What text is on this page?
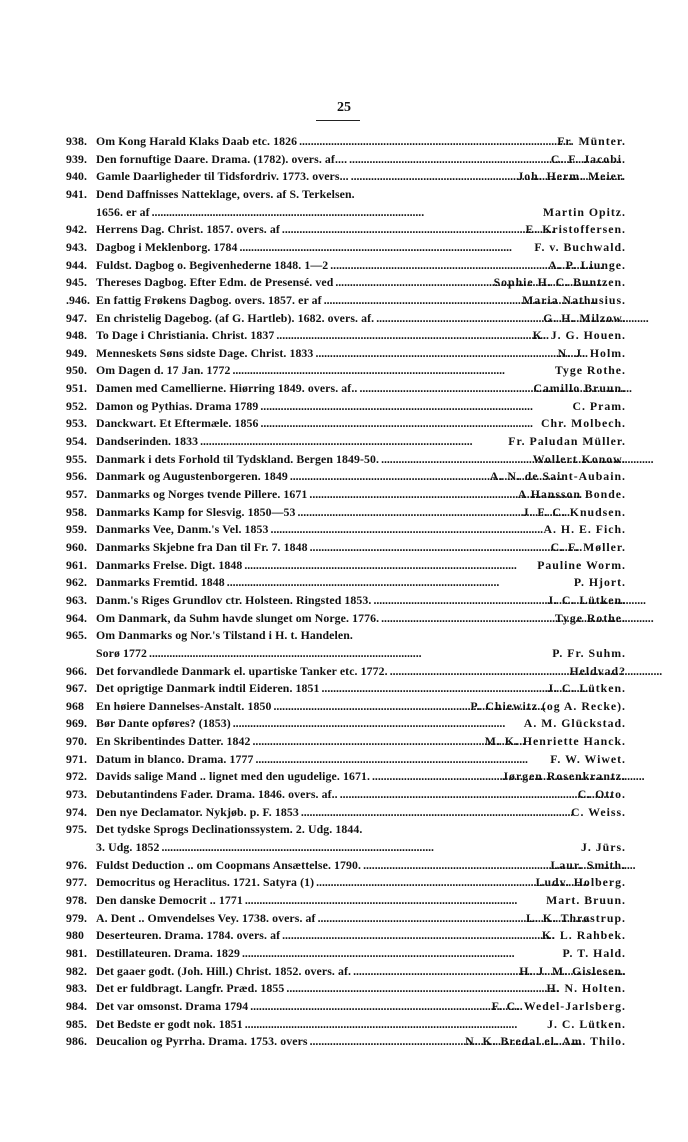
25
938. Om Kong Harald Klaks Daab etc. 1826 . . .	Fr. Münter.
939. Den fornuftige Daare. Drama. (1782). overs. af.... . . .	C. F. Jacobi.
940. Gamle Daarligheder til Tidsfordriv. 1773. overs... . . .	Joh. Herm. Meier.
941. Dend Daffnisses Natteklage, overs. af S. Terkelsen.
1656. er af . . .	Martin Opitz.
942. Herrens Dag. Christ. 1857. overs. af . . .	E. Kristoffersen.
943. Dagbog i Meklenborg. 1784 . . .	F. v. Buchwald.
944. Fuldst. Dagbog o. Begivenhederne 1848. 1—2 . . .	A. P. Liunge.
945. Thereses Dagbog. Efter Edm. de Presensé. ved . . .	Sophie H. C. Buntzen.
.946. En fattig Frøkens Dagbog. overs. 1857. er af . . .	Maria Nathusius.
947. En christelig Dagebog. (af G. Hartleb). 1682. overs. af. . . .	G. H. Milzow.
948. To Dage i Christiania. Christ. 1837 . . .	K. J. G. Houen.
949. Menneskets Søns sidste Dage. Christ. 1833 . . .	N. J. Holm.
950. Om Dagen d. 17 Jan. 1772 . . .	Tyge Rothe.
951. Damen med Camellierne. Hiørring 1849. overs. af.. . . .	Camillo Bruun.
952. Damon og Pythias. Drama 1789 . . .	C. Pram.
953. Danckwart. Et Eftermæle. 1856 . . .	Chr. Molbech.
954. Dandserinden. 1833 . . .	Fr. Paludan Müller.
955. Danmark i dets Forhold til Tydskland. Bergen 1849-50. . . .	Wollert Konow.
956. Danmark og Augustenborgeren. 1849 . . .	A. N. de Saint-Aubain.
957. Danmarks og Norges tvende Pillere. 1671 . . .	A Hansson Bonde.
958. Danmarks Kamp for Slesvig. 1850—53 . . .	J. F. C. Knudsen.
959. Danmarks Vee, Danm.'s Vel. 1853 . . .	A. H. E. Fich.
960. Danmarks Skjebne fra Dan til Fr. 7. 1848 . . .	C. F. Møller.
961. Danmarks Frelse. Digt. 1848 . . .	Pauline Worm.
962. Danmarks Fremtid. 1848 . . .	P. Hjort.
963. Danm.'s Riges Grundlov ctr. Holsteen. Ringsted 1853. . . .	J. C. Lütken.
964. Om Danmark, da Suhm havde slunget om Norge. 1776. . . .	Tyge Rothe.
965. Om Danmarks og Nor.'s Tilstand i H. t. Handelen.
Sorø 1772 . . .	P. Fr. Suhm.
966. Det forvandlede Danmark el. upartiske Tanker etc. 1772. . . .	Heldvad?
967. Det oprigtige Danmark indtil Eideren. 1851 . . .	J. C. Lütken.
968	En høiere Dannelses-Anstalt. 1850 . . .	P. Chiewitz (og A. Recke).
969. Bør Dante opføres? (1853) . . .	A. M. Glückstad.
970. En Skribentindes Datter. 1842 . . .	M. K. Henriette Hanck.
971. Datum in blanco. Drama. 1777 . . .	F. W. Wiwet.
972. Davids salige Mand .. lignet med den ugudelige. 1671. . . .	Jørgen Rosenkrantz.
973. Debutantindens Fader. Drama. 1846. overs. af.. . . .	C. Otto.
974. Den nye Declamator. Nykjøb. p. F. 1853 . . .	C. Weiss.
975. Det tydske Sprogs Declinationssystem. 2. Udg. 1844.
3. Udg. 1852 . . .	J. Jürs.
976. Fuldst Deduction .. om Coopmans Ansættelse. 1790. . . .	Laur. Smith.
977. Democritus og Heraclitus. 1721. Satyra (1) . . .	Ludv. Holberg.
978. Den danske Democrit .. 1771 . . .	Mart. Bruun.
979. A. Dent .. Omvendelses Vey. 1738. overs. af . . .	L. K. Thrøstrup.
980	Deserteuren. Drama. 1784. overs. af . . .	K. L. Rahbek.
981. Destillateuren. Drama. 1829 . . .	P. T. Hald.
982. Det gaaer godt. (Joh. Hill.) Christ. 1852. overs. af. . . .	H. J. M. Gislesen.
983. Det er fuldbragt. Langfr. Præd. 1855 . . .	H. N. Holten.
984. Det var omsonst. Drama 1794 . . .	F. C. Wedel-Jarlsberg.
985. Det Bedste er godt nok. 1851 . . .	J. C. Lütken.
986. Deucalion og Pyrrha. Drama. 1753. overs . . .	N. K. Bredal el. Am. Thilo.
